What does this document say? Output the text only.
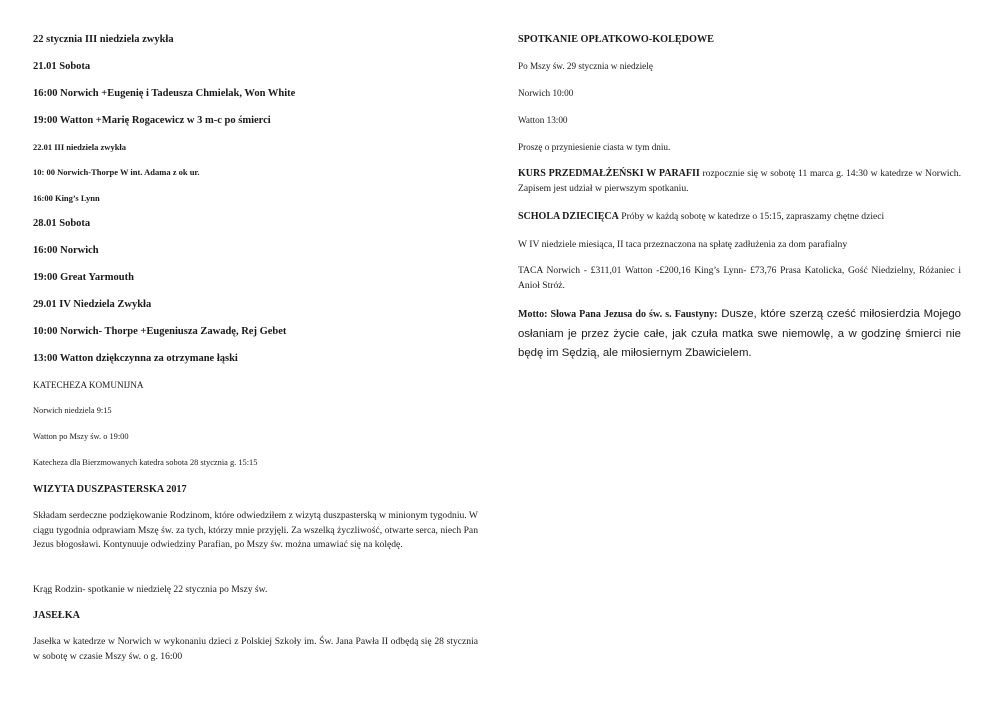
22 stycznia III niedziela zwykła
21.01 Sobota
16:00 Norwich +Eugenię i Tadeusza Chmielak, Won White
19:00 Watton +Marię Rogacewicz w 3 m-c po śmierci
22.01 III niedziela zwykła
10: 00 Norwich-Thorpe W int. Adama z ok ur.
16:00 King’s Lynn
28.01 Sobota
16:00 Norwich
19:00 Great Yarmouth
29.01 IV Niedziela Zwykła
10:00 Norwich- Thorpe +Eugeniusza Zawadę, Rej Gebet
13:00 Watton dziękczynna za otrzymane łąski
KATECHEZA KOMUNIJNA
Norwich niedziela 9:15
Watton po Mszy św. o 19:00
Katecheza dla Bierzmowanych katedra sobota 28 stycznia g. 15:15
WIZYTA DUSZPASTERSKA 2017
Składam serdeczne podziękowanie Rodzinom, które odwiedziłem z wizytą duszpasterską w minionym tygodniu. W ciągu tygodnia odprawiam Mszę św. za tych, którzy mnie przyjęli. Za wszelką życzliwość, otwarte serca, niech Pan Jezus błogosławi. Kontynuuje odwiedziny Parafian, po Mszy św. można umawiać się na kolędę.
Krąg Rodzin- spotkanie w niedzielę 22 stycznia po Mszy św.
JASEŁKA
Jasełka w katedrze w Norwich w wykonaniu dzieci z Polskiej Szkoły im. Św. Jana Pawła II odbędą się 28 stycznia w sobotę w czasie Mszy św. o g. 16:00
SPOTKANIE OPŁATKOWO-KOLĘDOWE
Po Mszy św. 29 stycznia w niedzielę
Norwich 10:00
Watton 13:00
Proszę o przyniesienie ciasta w tym dniu.
KURS PRZEDMAŁŻEŃSKI W PARAFII rozpocznie się w sobotę 11 marca g. 14:30 w katedrze w Norwich. Zapisem jest udział w pierwszym spotkaniu.
SCHOLA DZIECIĘCA Próby w każdą sobotę w katedrze o 15:15, zapraszamy chętne dzieci
W IV niedziele miesiąca, II taca przeznaczona na spłatę zadłużenia za dom parafialny
TACA Norwich - £311,01 Watton -£200,16 King’s Lynn- £73,76 Prasa Katolicka, Gość Niedzielny, Różaniec i Anioł Stróż.
Motto: Słowa Pana Jezusa do św. s. Faustyny: Dusze, które szerzą cześć miłosierdzia Mojego osłaniam je przez życie całe, jak czuła matka swe niemowlę, a w godzinę śmierci nie będę im Sędzią, ale miłosiernym Zbawicielem.
